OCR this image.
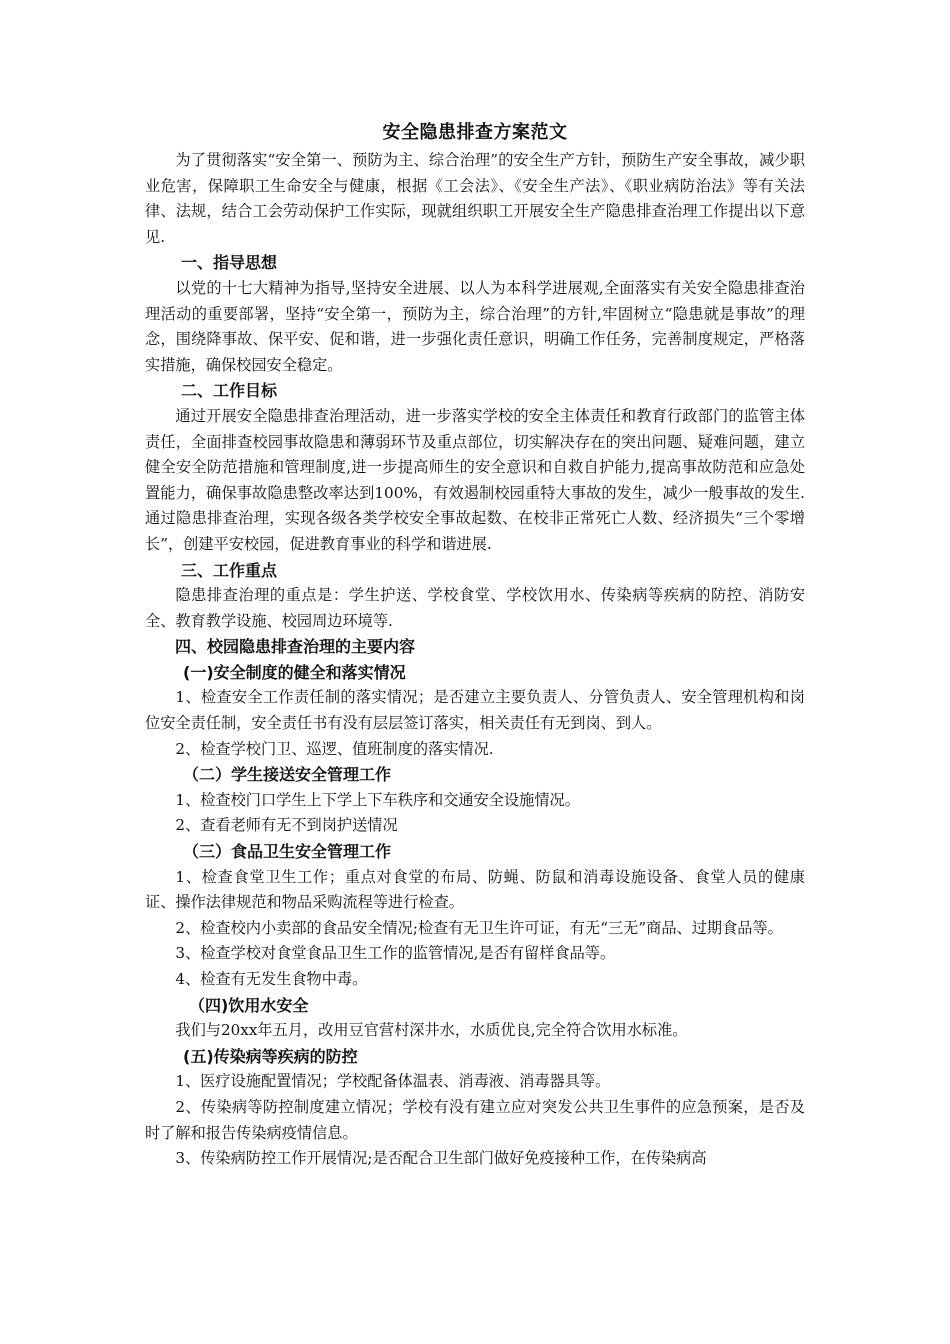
安全隐患排查方案范文

为了贯彻落实“安全第一、预防为主、综合治理”的安全生产方针，预防生产安全事故，减少职业危害，保障职工生命安全与健康，根据《工会法》、《安全生产法》、《职业病防治法》等有关法律、法规，结合工会劳动保护工作实际，现就组织职工开展安全生产隐患排查治理工作提出以下意见.

一、指导思想

以党的十七大精神为指导,坚持安全进展、以人为本科学进展观,全面落实有关安全隐患排查治理活动的重要部署，坚持“安全第一，预防为主，综合治理”的方针,牢固树立“隐患就是事故”的理念，围绕降事故、保平安、促和谐，进一步强化责任意识，明确工作任务，完善制度规定，严格落实措施，确保校园安全稳定。

二、工作目标

通过开展安全隐患排查治理活动，进一步落实学校的安全主体责任和教育行政部门的监管主体责任，全面排查校园事故隐患和薄弱环节及重点部位，切实解决存在的突出问题、疑难问题，建立健全安全防范措施和管理制度,进一步提高师生的安全意识和自救自护能力,提高事故防范和应急处置能力，确保事故隐患整改率达到100%，有效遏制校园重特大事故的发生，减少一般事故的发生.通过隐患排查治理，实现各级各类学校安全事故起数、在校非正常死亡人数、经济损失“三个零增长”，创建平安校园，促进教育事业的科学和谐进展.

三、工作重点

隐患排查治理的重点是：学生护送、学校食堂、学校饮用水、传染病等疾病的防控、消防安全、教育教学设施、校园周边环境等.

四、校园隐患排查治理的主要内容
(一)安全制度的健全和落实情况

1、检查安全工作责任制的落实情况；是否建立主要负责人、分管负责人、安全管理机构和岗位安全责任制，安全责任书有没有层层签订落实，相关责任有无到岗、到人。

2、检查学校门卫、巡逻、值班制度的落实情况.

（二）学生接送安全管理工作

1、检查校门口学生上下学上下车秩序和交通安全设施情况。

2、查看老师有无不到岗护送情况

（三）食品卫生安全管理工作

1、检查食堂卫生工作；重点对食堂的布局、防蝇、防鼠和消毒设施设备、食堂人员的健康证、操作法律规范和物品采购流程等进行检查。

2、检查校内小卖部的食品安全情况;检查有无卫生许可证，有无“三无”商品、过期食品等。

3、检查学校对食堂食品卫生工作的监管情况,是否有留样食品等。

4、检查有无发生食物中毒。

（四)饮用水安全

我们与20xx年五月，改用豆官营村深井水，水质优良,完全符合饮用水标准。

(五)传染病等疾病的防控

1、医疗设施配置情况；学校配备体温表、消毒液、消毒器具等。

2、传染病等防控制度建立情况；学校有没有建立应对突发公共卫生事件的应急预案，是否及时了解和报告传染病疫情信息。

3、传染病防控工作开展情况;是否配合卫生部门做好免疫接种工作，在传染病高
